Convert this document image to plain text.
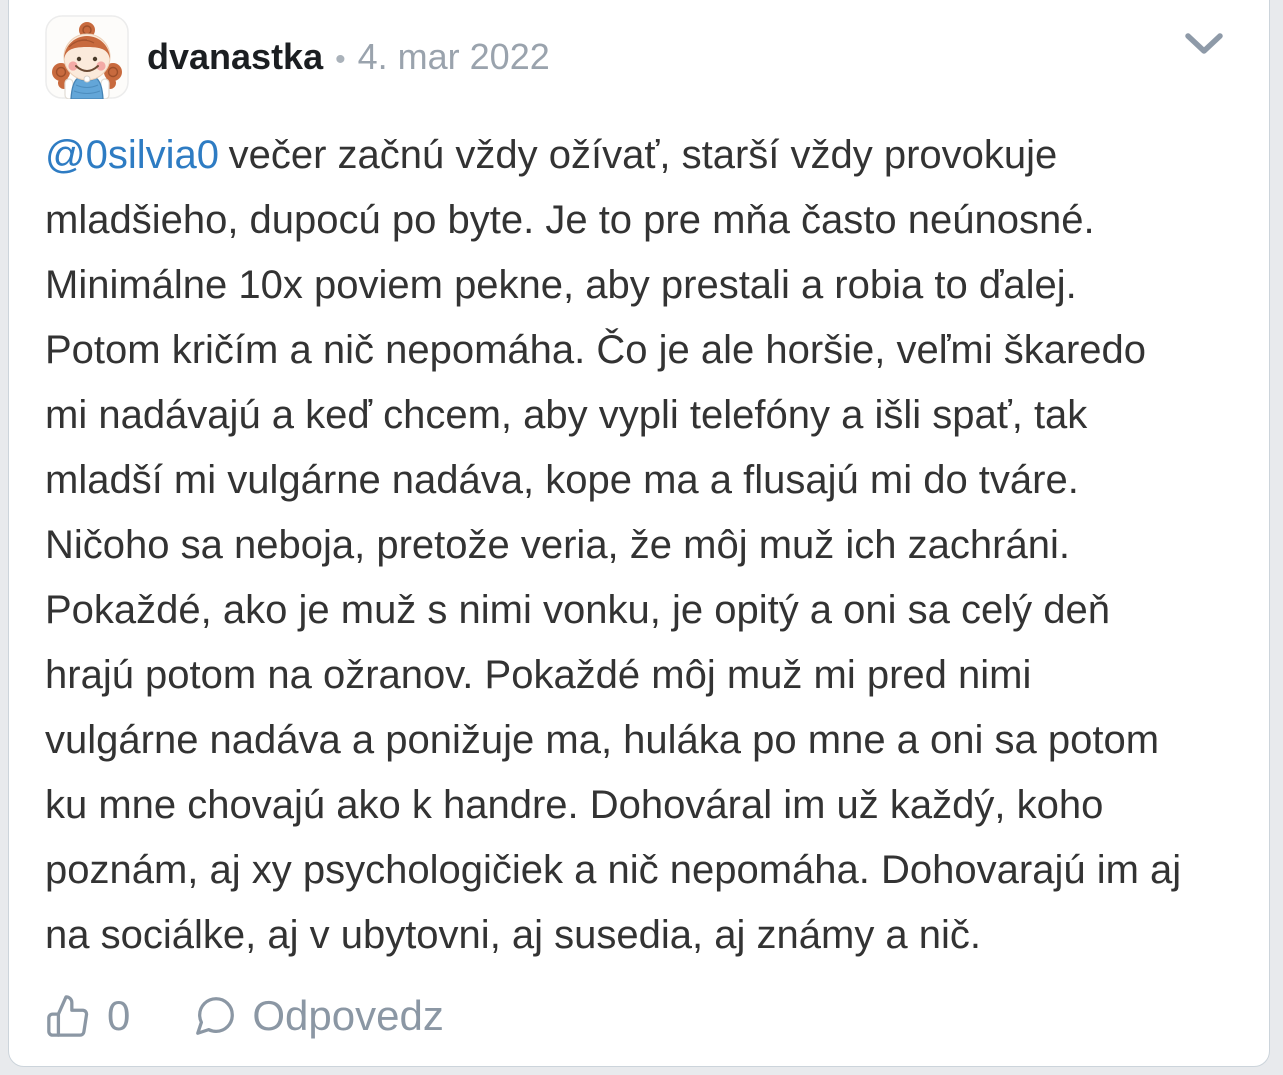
dvanastka • 4. mar 2022
@0silvia0 večer začnú vždy ožívať, starší vždy provokuje
mladšieho, dupocú po byte. Je to pre mňa často neúnosné.
Minimálne 10x poviem pekne, aby prestali a robia to ďalej.
Potom kričím a nič nepomáha. Čo je ale horšie, veľmi škaredo
mi nadávajú a keď chcem, aby vypli telefóny a išli spať, tak
mladší mi vulgárne nadáva, kope ma a flusajú mi do tváre.
Ničoho sa neboja, pretože veria, že môj muž ich zachráni.
Pokaždé, ako je muž s nimi vonku, je opitý a oni sa celý deň
hrajú potom na ožranov. Pokaždé môj muž mi pred nimi
vulgárne nadáva a ponižuje ma, huláka po mne a oni sa potom
ku mne chovajú ako k handre. Dohováral im už každý, koho
poznám, aj xy psychologičiek a nič nepomáha. Dohovarajú im aj
na sociálke, aj v ubytovni, aj susedia, aj známy a nič.
0	Odpovedz
